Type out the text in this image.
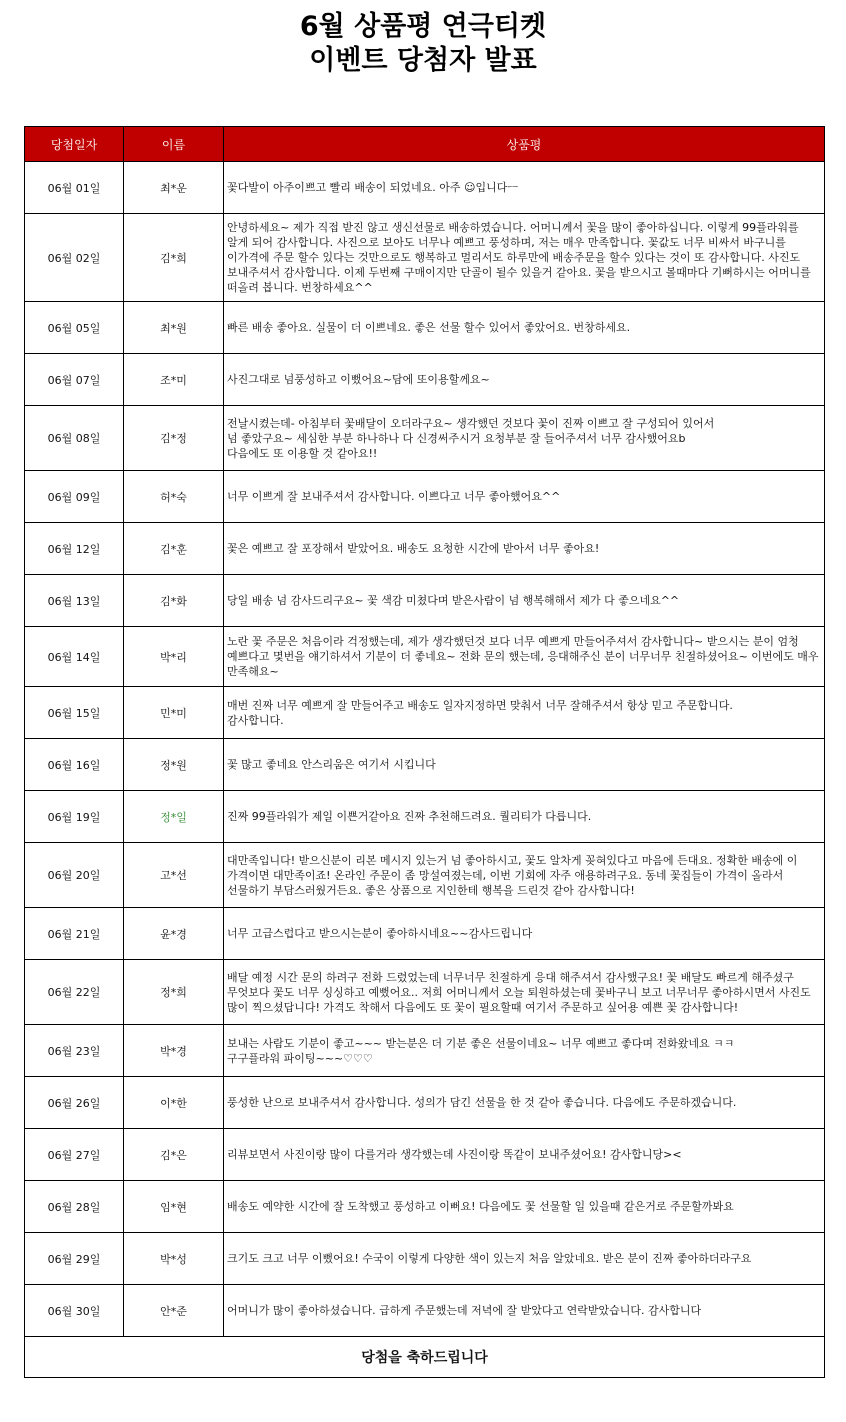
6월 상품평 연극티켓
이벤트 당첨자 발표
당첨일자	이름	상품평
06월 01일	최*운	꽃다발이 아주이쁘고 빨리 배송이 되었네요. 아주 ☺입니다ㅡ
06월 02일	김*희	안녕하세요~ 제가 직접 받진 않고 생신선물로 배송하였습니다. 어머니께서 꽃을 많이 좋아하십니다. 이렇게 99플라워를 알게 되어 감사합니다. 사진으로 보아도 너무나 예쁘고 풍성하며, 저는 매우 만족합니다. 꽃값도 너무 비싸서 바구니를 이가격에 주문 할수 있다는 것만으로도 행복하고 멀리서도 하루만에 배송주문을 할수 있다는 것이 또 감사합니다. 사진도 보내주셔서 감사합니다. 이제 두번째 구매이지만 단골이 될수 있을거 같아요. 꽃을 받으시고 볼때마다 기뻐하시는 어머니를 떠올려 봅니다. 번창하세요^^
06월 05일	최*원	빠른 배송 좋아요. 실물이 더 이쁘네요. 좋은 선물 할수 있어서 좋았어요. 번창하세요.
06월 07일	조*미	사진그대로 넘풍성하고 이뻤어요~담에 또이용할께요~
06월 08일	김*정	전날시켰는데- 아침부터 꽃배달이 오더라구요~ 생각했던 것보다 꽃이 진짜 이쁘고 잘 구성되어 있어서
넘 좋았구요~ 세심한 부분 하나하나 다 신경써주시거 요청부분 잘 들어주셔서 너무 감사했어요b
다음에도 또 이용할 것 같아요!!
06월 09일	허*숙	너무 이쁘게 잘 보내주셔서 감사합니다. 이쁘다고 너무 좋아했어요^^
06월 12일	김*훈	꽃은 예쁘고 잘 포장해서 받았어요. 배송도 요청한 시간에 받아서 너무 좋아요!
06월 13일	김*화	당일 배송 넘 감사드리구요~ 꽃 색감 미쳤다며 받은사람이 넘 행복해해서 제가 다 좋으네요^^
06월 14일	박*리	노란 꽃 주문은 처음이라 걱정했는데, 제가 생각했던것 보다 너무 예쁘게 만들어주셔서 감사합니다~ 받으시는 분이 엄청 예쁘다고 몇번을 얘기하셔서 기분이 더 좋네요~ 전화 문의 했는데, 응대해주신 분이 너무너무 친절하셨어요~ 이번에도 매우 만족해요~
06월 15일	민*미	매번 진짜 너무 예쁘게 잘 만들어주고 배송도 일자지정하면 맞춰서 너무 잘해주셔서 항상 믿고 주문합니다.
감사합니다.
06월 16일	정*원	꽃 많고 좋네요 안스리움은 여기서 시킵니다
06월 19일	정*일	진짜 99플라워가 제일 이쁜거같아요 진짜 추천해드려요. 퀄리티가 다릅니다.
06월 20일	고*선	대만족입니다! 받으신분이 리본 메시지 있는거 넘 좋아하시고, 꽃도 알차게 꽂혀있다고 마음에 든대요. 정확한 배송에 이 가격이면 대만족이죠! 온라인 주문이 좀 망설여졌는데, 이번 기회에 자주 애용하려구요. 동네 꽃집들이 가격이 올라서 선물하기 부담스러웠거든요. 좋은 상품으로 지인한테 행복을 드린것 같아 감사합니다!
06월 21일	윤*경	너무 고급스럽다고 받으시는분이 좋아하시네요~~감사드립니다
06월 22일	정*희	배달 예정 시간 문의 하려구 전화 드렸었는데 너무너무 친절하게 응대 해주셔서 감사했구요! 꽃 배달도 빠르게 해주셨구 무엇보다 꽃도 너무 싱싱하고 예뻤어요.. 저희 어머니께서 오늘 퇴원하셨는데 꽃바구니 보고 너무너무 좋아하시면서 사진도 많이 찍으셨답니다! 가격도 착해서 다음에도 또 꽃이 필요할때 여기서 주문하고 싶어용 예쁜 꽃 감사합니다!
06월 23일	박*경	보내는 사람도 기분이 좋고~~~ 받는분은 더 기분 좋은 선물이네요~ 너무 예쁘고 좋다며 전화왔네요 ㅋㅋ
구구플라워 파이팅~~~♡♡♡
06월 26일	이*한	풍성한 난으로 보내주셔서 감사합니다. 성의가 담긴 선물을 한 것 같아 좋습니다. 다음에도 주문하겠습니다.
06월 27일	김*은	리뷰보면서 사진이랑 많이 다를거라 생각했는데 사진이랑 똑같이 보내주셨어요! 감사합니당><
06월 28일	임*현	배송도 예약한 시간에 잘 도착했고 풍성하고 이뻐요! 다음에도 꽃 선물할 일 있을때 같은거로 주문할까봐요
06월 29일	박*성	크기도 크고 너무 이뻤어요! 수국이 이렇게 다양한 색이 있는지 처음 알았네요. 받은 분이 진짜 좋아하더라구요
06월 30일	안*준	어머니가 많이 좋아하셨습니다. 급하게 주문했는데 저녁에 잘 받았다고 연락받았습니다. 감사합니다
당첨을 축하드립니다		
